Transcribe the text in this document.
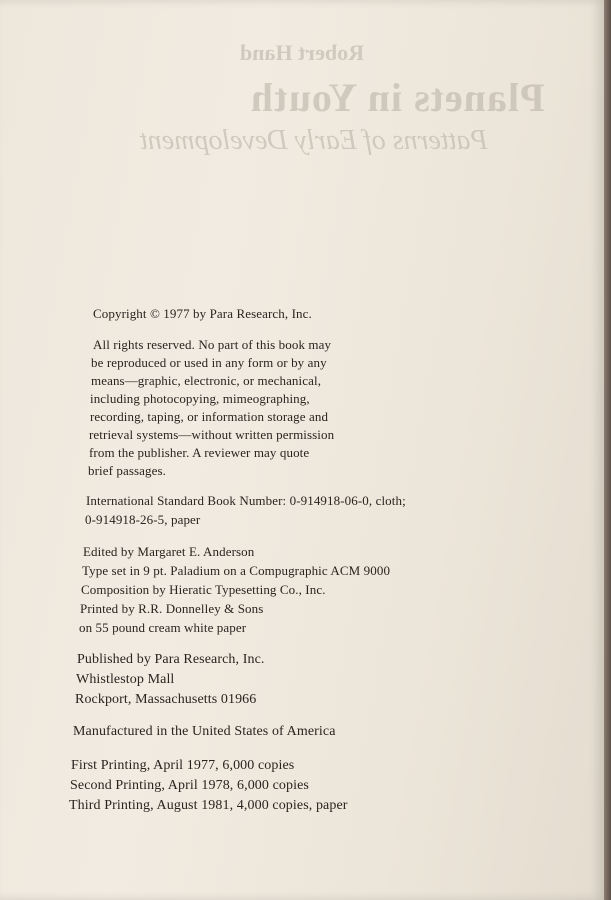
Robert Hand
Planets in Youth
Patterns of Early Development
Copyright © 1977 by Para Research, Inc.
All rights reserved. No part of this book may
be reproduced or used in any form or by any
means—graphic, electronic, or mechanical,
including photocopying, mimeographing,
recording, taping, or information storage and
retrieval systems—without written permission
from the publisher. A reviewer may quote
brief passages.
International Standard Book Number: 0-914918-06-0, cloth;
0-914918-26-5, paper
Edited by Margaret E. Anderson
Type set in 9 pt. Paladium on a Compugraphic ACM 9000
Composition by Hieratic Typesetting Co., Inc.
Printed by R.R. Donnelley & Sons
on 55 pound cream white paper
Published by Para Research, Inc.
Whistlestop Mall
Rockport, Massachusetts 01966
Manufactured in the United States of America
First Printing, April 1977, 6,000 copies
Second Printing, April 1978, 6,000 copies
Third Printing, August 1981, 4,000 copies, paper
